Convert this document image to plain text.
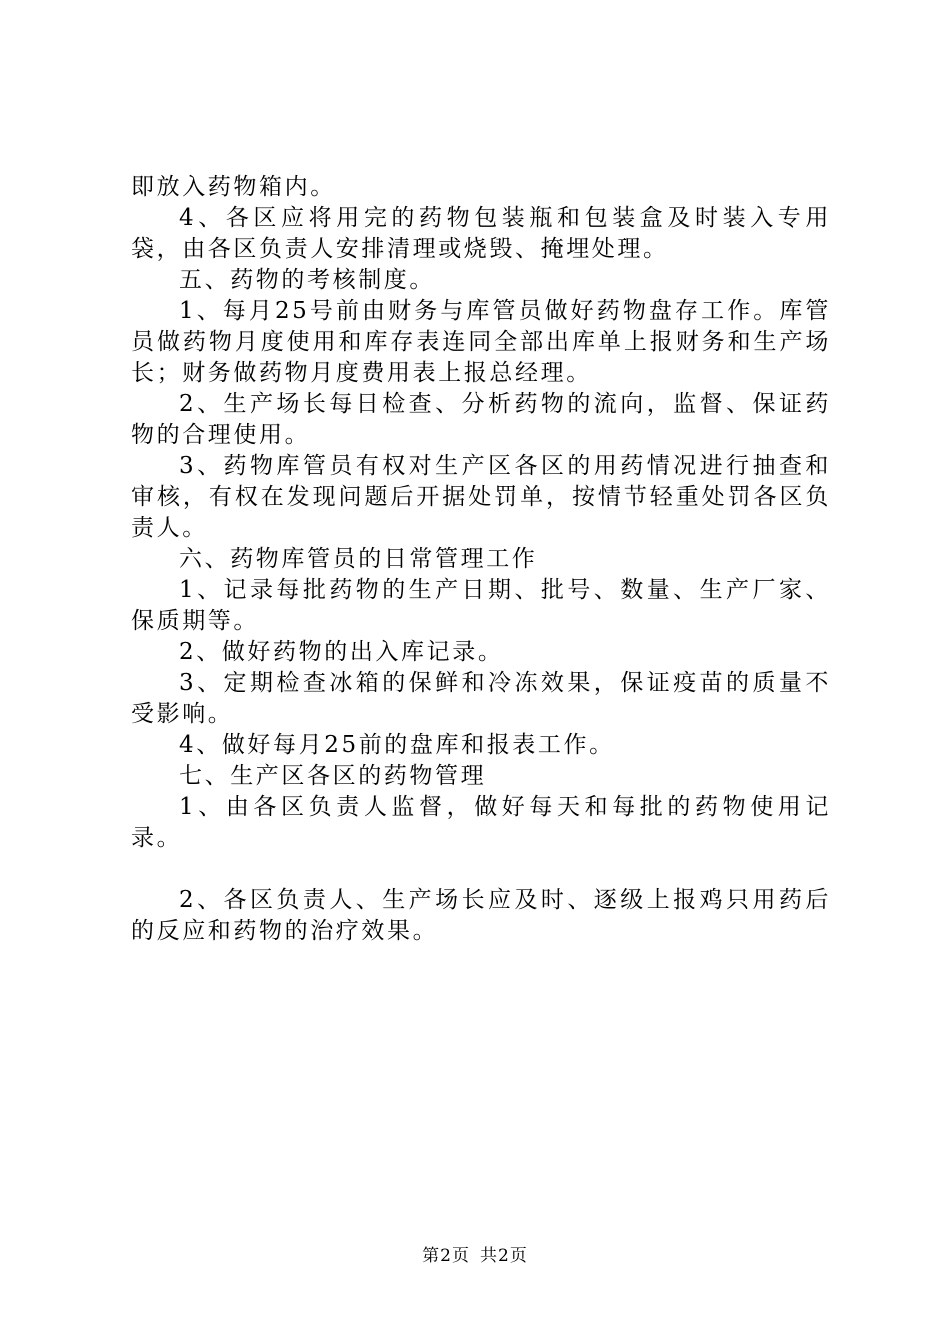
即放入药物箱内。

4、各区应将用完的药物包装瓶和包装盒及时装入专用袋，由各区负责人安排清理或烧毁、掩埋处理。

五、药物的考核制度。

1、每月25号前由财务与库管员做好药物盘存工作。库管员做药物月度使用和库存表连同全部出库单上报财务和生产场长；财务做药物月度费用表上报总经理。

2、生产场长每日检查、分析药物的流向，监督、保证药物的合理使用。

3、药物库管员有权对生产区各区的用药情况进行抽查和审核，有权在发现问题后开据处罚单，按情节轻重处罚各区负责人。

六、药物库管员的日常管理工作

1、记录每批药物的生产日期、批号、数量、生产厂家、保质期等。

2、做好药物的出入库记录。

3、定期检查冰箱的保鲜和冷冻效果，保证疫苗的质量不受影响。

4、做好每月25前的盘库和报表工作。

七、生产区各区的药物管理

1、由各区负责人监督，做好每天和每批的药物使用记录。

2、各区负责人、生产场长应及时、逐级上报鸡只用药后的反应和药物的治疗效果。

第2页 共2页
